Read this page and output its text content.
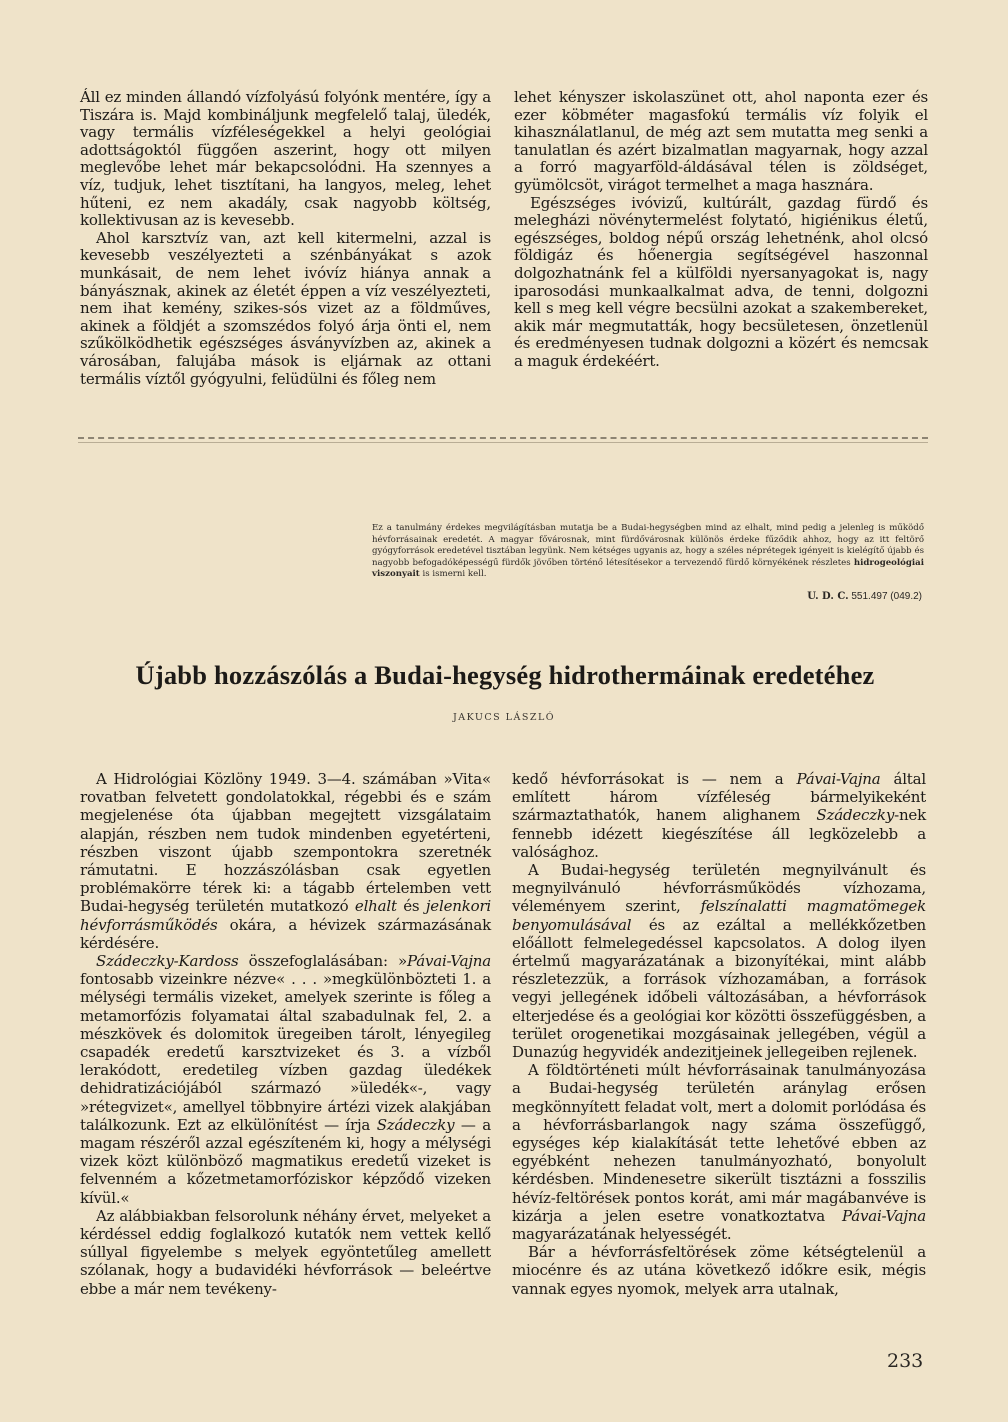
Áll ez minden állandó vízfolyású folyónk mentére, így a Tiszára is. Majd kombináljunk megfelelő talaj, üledék, vagy termális vízféleségekkel a helyi geológiai adottságoktól függően aszerint, hogy ott milyen meglevőbe lehet már bekapcsolódni. Ha szennyes a víz, tudjuk, lehet tisztítani, ha langyos, meleg, lehet hűteni, ez nem akadály, csak nagyobb költség, kollektivusan az is kevesebb.

Ahol karsztvíz van, azt kell kitermelni, azzal is kevesebb veszélyezteti a szénbányákat s azok munkásait, de nem lehet ivóvíz hiánya annak a bányásznak, akinek az életét éppen a víz veszélyezteti, nem ihat kemény, szikes-sós vizet az a földműves, akinek a földjét a szomszédos folyó árja önti el, nem szűkölködhetik egészséges ásványvízben az, akinek a városában, falujába mások is eljárnak az ottani termális víztől gyógyulni, felüdülni és főleg nem

lehet kényszer iskolaszünet ott, ahol naponta ezer és ezer köbméter magasfokú termális víz folyik el kihasználatlanul, de még azt sem mutatta meg senki a tanulatlan és azért bizalmatlan magyarnak, hogy azzal a forró magyarföld-áldásával télen is zöldséget, gyümölcsöt, virágot termelhet a maga hasznára.

Egészséges ivóvizű, kultúrált, gazdag fürdő és melegházi növénytermelést folytató, higiénikus életű, egészséges, boldog népű ország lehetnénk, ahol olcsó földigáz és hőenergia segítségével haszonnal dolgozhatnánk fel a külföldi nyersanyagokat is, nagy iparosodási munkaalkalmat adva, de tenni, dolgozni kell s meg kell végre becsülni azokat a szakembereket, akik már megmutatták, hogy becsületesen, önzetlenül és eredményesen tudnak dolgozni a közért és nemcsak a maguk érdekéért.

Ez a tanulmány érdekes megvilágításban mutatja be a Budai-hegységben mind az elhalt, mind pedig a jelenleg is működő hévforrásainak eredetét. A magyar fővárosnak, mint fürdővárosnak különös érdeke fűződik ahhoz, hogy az itt feltörő gyógyforrások eredetével tisztában legyünk. Nem kétséges ugyanis az, hogy a széles néprétegek igényeit is kielégítő újabb és nagyobb befogadóképességű fürdők jövőben történő létesítésekor a tervezendő fürdő környékének részletes hidrogeológiai viszonyait is ismerni kell.
U. D. C. 551.497 (049.2)
Újabb hozzászólás a Budai-hegység hidrothermáinak eredetéhez
JAKUCS LÁSZLÓ

A Hidrológiai Közlöny 1949. 3—4. számában »Vita« rovatban felvetett gondolatokkal, régebbi és e szám megjelenése óta újabban megejtett vizsgálataim alapján, részben nem tudok mindenben egyetérteni, részben viszont újabb szempontokra szeretnék rámutatni. E hozzászólásban csak egyetlen problémakörre térek ki: a tágabb értelemben vett Budai-hegység területén mutatkozó elhalt és jelenkori hévforrásműködés okára, a hévizek származásának kérdésére.

Szádeczky-Kardoss összefoglalásában: »Pávai-Vajna fontosabb vizeinkre nézve« . . . »megkülönbözteti 1. a mélységi termális vizeket, amelyek szerinte is főleg a metamorfózis folyamatai által szabadulnak fel, 2. a mészkövek és dolomitok üregeiben tárolt, lényegileg csapadék eredetű karsztvizeket és 3. a vízből lerakódott, eredetileg vízben gazdag üledékek dehidratizációjából származó »üledék«-, vagy »rétegvizet«, amellyel többnyire ártézi vizek alakjában találkozunk. Ezt az elkülönítést — írja Szádeczky — a magam részéről azzal egészíteném ki, hogy a mélységi vizek közt különböző magmatikus eredetű vizeket is felvenném a kőzetmetamorfóziskor képződő vizeken kívül.«

Az alábbiakban felsorolunk néhány érvet, melyeket a kérdéssel eddig foglalkozó kutatók nem vettek kellő súllyal figyelembe s melyek egyöntetűleg amellett szólanak, hogy a budavidéki hévforrások — beleértve ebbe a már nem tevékeny-

kedő hévforrásokat is — nem a Pávai-Vajna által említett három vízféleség bármelyikeként származtathatók, hanem alighanem Szádeczky-nek fennebb idézett kiegészítése áll legközelebb a valósághoz.

A Budai-hegység területén megnyilvánult és megnyilvánuló hévforrásműködés vízhozama, véleményem szerint, felszínalatti magmatömegek benyomulásával és az ezáltal a mellékkőzetben előállott felmelegedéssel kapcsolatos. A dolog ilyen értelmű magyarázatának a bizonyítékai, mint alább részletezzük, a források vízhozamában, a források vegyi jellegének időbeli változásában, a hévforrások elterjedése és a geológiai kor közötti összefüggésben, a terület orogenetikai mozgásainak jellegében, végül a Dunazúg hegyvidék andezitjeinek jellegeiben rejlenek.

A földtörténeti múlt hévforrásainak tanulmányozása a Budai-hegység területén aránylag erősen megkönnyített feladat volt, mert a dolomit porlódása és a hévforrásbarlangok nagy száma összefüggő, egységes kép kialakítását tette lehetővé ebben az egyébként nehezen tanulmányozható, bonyolult kérdésben. Mindenesetre sikerült tisztázni a fosszilis hévíz-feltörések pontos korát, ami már magábanvéve is kizárja a jelen esetre vonatkoztatva Pávai-Vajna magyarázatának helyességét.

Bár a hévforrásfeltörések zöme kétségtelenül a miocénre és az utána következő időkre esik, mégis vannak egyes nyomok, melyek arra utalnak,

233
